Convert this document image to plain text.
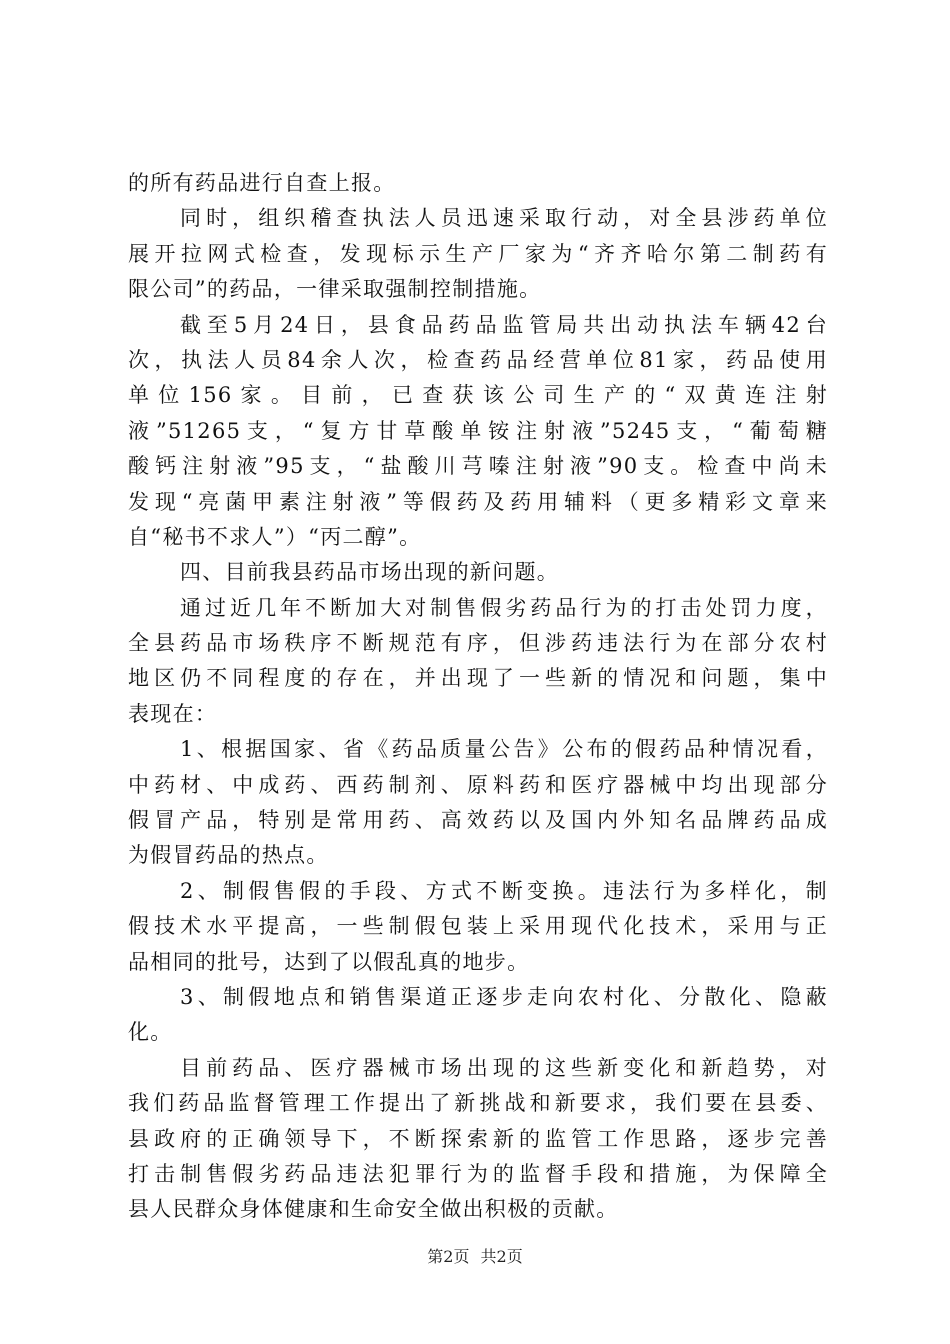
的所有药品进行自查上报。
同时，组织稽查执法人员迅速采取行动，对全县涉药单位
展开拉网式检查，发现标示生产厂家为“齐齐哈尔第二制药有
限公司”的药品，一律采取强制控制措施。
截至5月24日，县食品药品监管局共出动执法车辆42台
次，执法人员84余人次，检查药品经营单位81家，药品使用
单位156家。目前，已查获该公司生产的“双黄连注射
液”51265支，“复方甘草酸单铵注射液”5245支，“葡萄糖
酸钙注射液”95支，“盐酸川芎嗪注射液”90支。检查中尚未
发现“亮菌甲素注射液”等假药及药用辅料（更多精彩文章来
自“秘书不求人”）“丙二醇”。
四、目前我县药品市场出现的新问题。
通过近几年不断加大对制售假劣药品行为的打击处罚力度，
全县药品市场秩序不断规范有序，但涉药违法行为在部分农村
地区仍不同程度的存在，并出现了一些新的情况和问题，集中
表现在：
1、根据国家、省《药品质量公告》公布的假药品种情况看，
中药材、中成药、西药制剂、原料药和医疗器械中均出现部分
假冒产品，特别是常用药、高效药以及国内外知名品牌药品成
为假冒药品的热点。
2、制假售假的手段、方式不断变换。违法行为多样化，制
假技术水平提高，一些制假包装上采用现代化技术，采用与正
品相同的批号，达到了以假乱真的地步。
3、制假地点和销售渠道正逐步走向农村化、分散化、隐蔽
化。
目前药品、医疗器械市场出现的这些新变化和新趋势，对
我们药品监督管理工作提出了新挑战和新要求，我们要在县委、
县政府的正确领导下，不断探索新的监管工作思路，逐步完善
打击制售假劣药品违法犯罪行为的监督手段和措施，为保障全
县人民群众身体健康和生命安全做出积极的贡献。
第2页 共2页
